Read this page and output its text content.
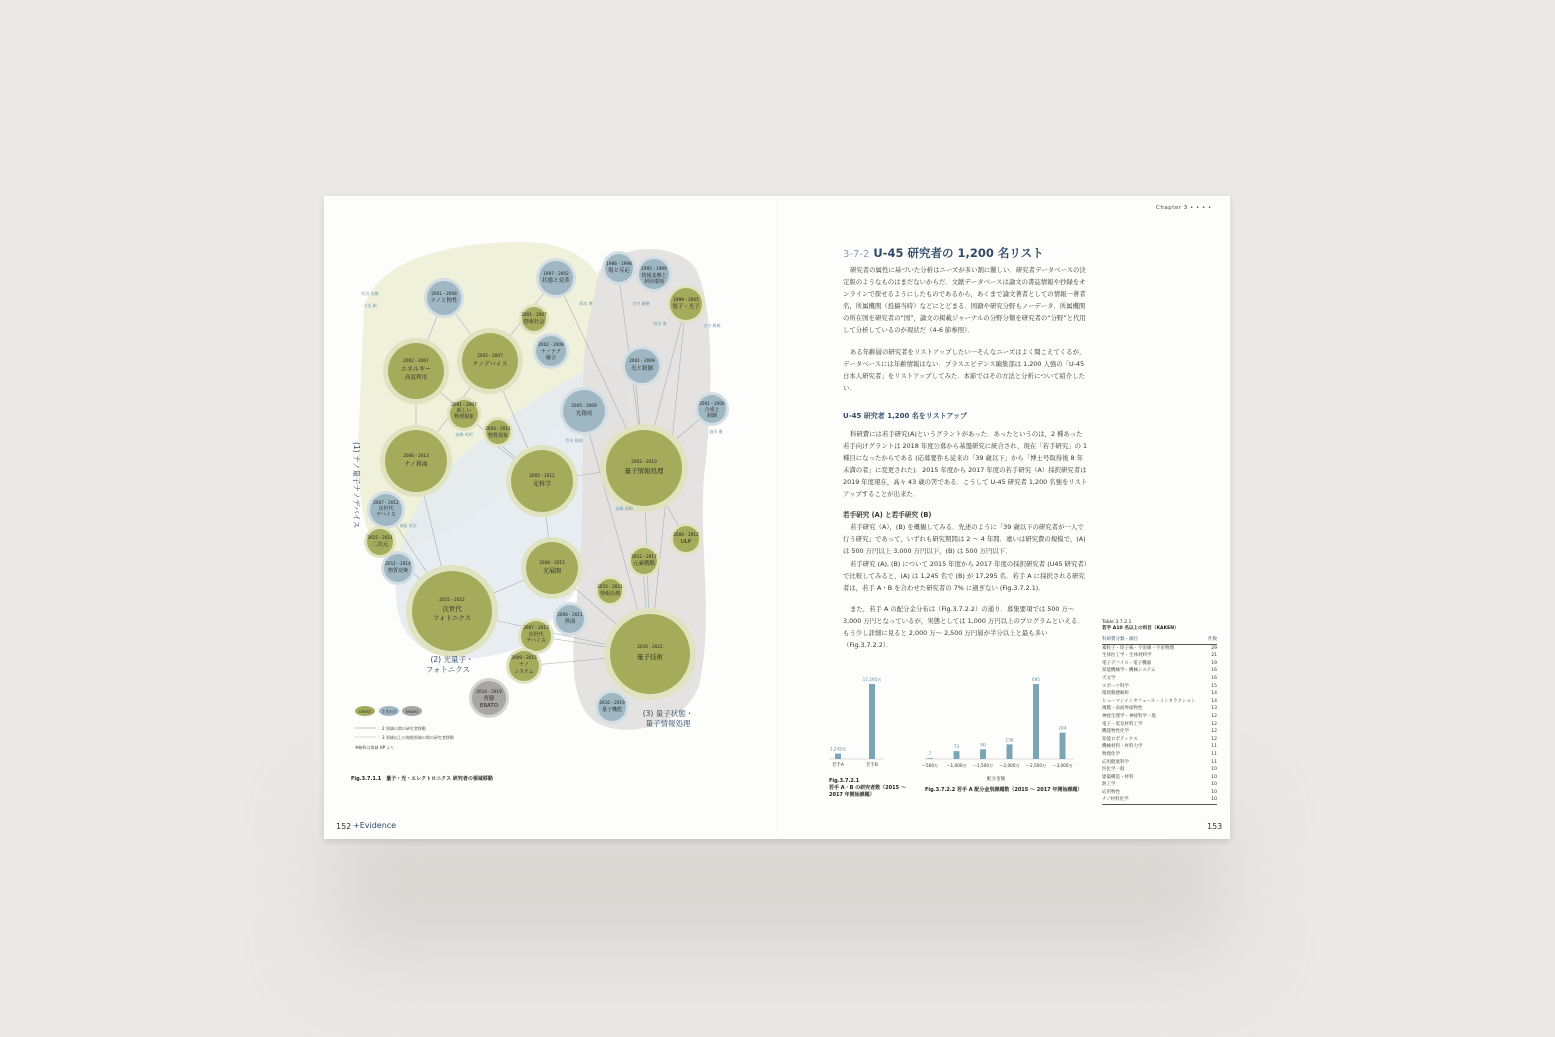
2001 - 2008
ナノと物性
1997 - 2002
状態と変革
1986 - 1998
場と反応	1995 - 1999
情報基盤と
利用環境
1999 - 2005
電子・光子
2001 - 2007
情報社会
2002 - 2008
ナノテク
融合
2002 - 2007
エネルギー
高度利用
2002 - 2007
ナノデバイス
2001 - 2009
光と制御
2001 - 2007
新しい
物理現象
2004 - 2011
物質現象
2005 - 2009
光創成
2001 - 2006
合成と
制御
2006 - 2013
ナノ界面
2005 - 2012
光科学
2003 - 2010
量子情報処理
2007 - 2012
次世代
デバイス
2015 - 2021
二次元
2006 - 2012
ULP
2008 - 2015
光展開
2012 - 2017
元素戦略
2011 - 2014
物質変換
2015 - 2022
次世代
フォトニクス
2015 - 2021
情報計測
2006 - 2011
界面
2007 - 2013
次世代
デバイス
2016 - 2022
量子技術
2009 - 2015
ナノ
システム
2014 - 2019
齊藤
ERATO
2016 - 2019
量子機能
町田 友樹
大岩 顕	岡本 博	竹内 繁樹
野田 進	古川 勝雄
高柳 英明
青木 隆朗
高橋 義朗
斎藤 英治
森田 徹
(1) ナノ量子ナノデバイス
(2) 光量子・
フォトニクス
(3) 量子状態・
量子情報処理
CREST	さきがけ ERATO
：2 領域の間の研究者移動
：3 領域以上の複数領域の間の研究者移動
※略称は領域 HP より
Fig.3.7.1.1　量子・光・エレクトロニクス 研究者の領域移動
Chapter 3 • • • •
3-7-2 U-45 研究者の 1,200 名リスト
研究者の属性に基づいた分析はニーズが多い割に難しい．研究者データベースの決定版のようなものはまだないからだ．文献データベースは論文の書誌情報や抄録をオンラインで探せるようにしたものであるから，あくまで論文著者としての情報一著者名，所属機関（投稿当時）などにとどまる．国籍や研究分野もノーデータ．所属機関の所在国を研究者の“国”，論文の掲載ジャーナルの分野分類を研究者の“分野”と代用して分析しているのが現状だ（4-6 節参照）．
ある年齢層の研究者をリストアップしたい一そんなニーズはよく聞こえてくるが，データベースには年齢情報はない．プラスエビデンス編集部は 1,200 人強の「U-45 日本人研究者」をリストアップしてみた．本節ではその方法と分析について紹介したい．
U-45 研究者 1,200 名をリストアップ
科研費には若手研究(A)というグラントがあった．あったというのは，2 種あった若手向けグラントは 2018 年度公募から基盤研究に統合され，現在「若手研究」の 1 種目になったからである (応募要件も従来の「39 歳以下」から「博士号取得後 8 年未満の者」に変更された)．2015 年度から 2017 年度の若手研究（A）採択研究者は 2019 年度現在，高々 43 歳の筈である．こうして U-45 研究者 1,200 名強をリストアップすることが出来た．
若手研究 (A) と若手研究 (B)
若手研究（A），(B) を概観してみる．先述のように「39 歳以下の研究者が一人で行う研究」であって，いずれも研究期間は 2 ～ 4 年間．違いは研究費の規模で，(A) は 500 万円以上 3,000 万円以下，(B) は 500 万円以下．
若手研究 (A), (B) について 2015 年度から 2017 年度の採択研究者 (U45 研究者）で比較してみると，(A) は 1,245 名で (B) が 17,295 名．若手 A に採択される研究者は，若手 A・B を合わせた研究者の 7% に過ぎない (Fig.3.7.2.1)．
また，若手 A の配分金分布は（Fig.3.7.2.2）の通り．募集要項では 500 万～ 3,000 万円となっているが，実態としては 1,000 万円以上のプログラムといえる．もう少し詳細に見ると 2,000 万～ 2,500 万円層が半分以上と最も多い（Fig.3.7.2.2）．
1,245名
若手A
17,295名
若手B
7
～500万
73
～1,000万
90
～1,500万
136
～2,000万
695
～2,500万
244
～3,000万
配分金額
Fig.3.7.2.1
若手 A・B の研究者数（2015 ～ 2017 年開始課題）
Fig.3.7.2.2 若手 A 配分金別課題数（2015 ～ 2017 年開始課題）
Table 3.7.2.1
若手 A10 名以上の科目（KAKEN）
科研費分類・細目	件数
素粒子・原子核・宇宙線・宇宙物理	29
生体医工学・生体材料学	21
電子デバイス・電子機器	19
知能機械学・機械システム	16
天文学	16
スポーツ科学	15
環境動態解析	14
ヒューマンインタフェース・インタラクション	14
薄膜・表面界面物性	13
神経生理学・神経科学一般	12
電子・電気材料工学	12
機能物性化学	12
知能ロボティクス	12
機械材料・材料力学	11
物理化学	11
応用健康科学	11
医化学一般	10
建築構造・材料	10
熱工学	10
応用物性	10
ナノ材料化学	10
152 +Evidence	153
